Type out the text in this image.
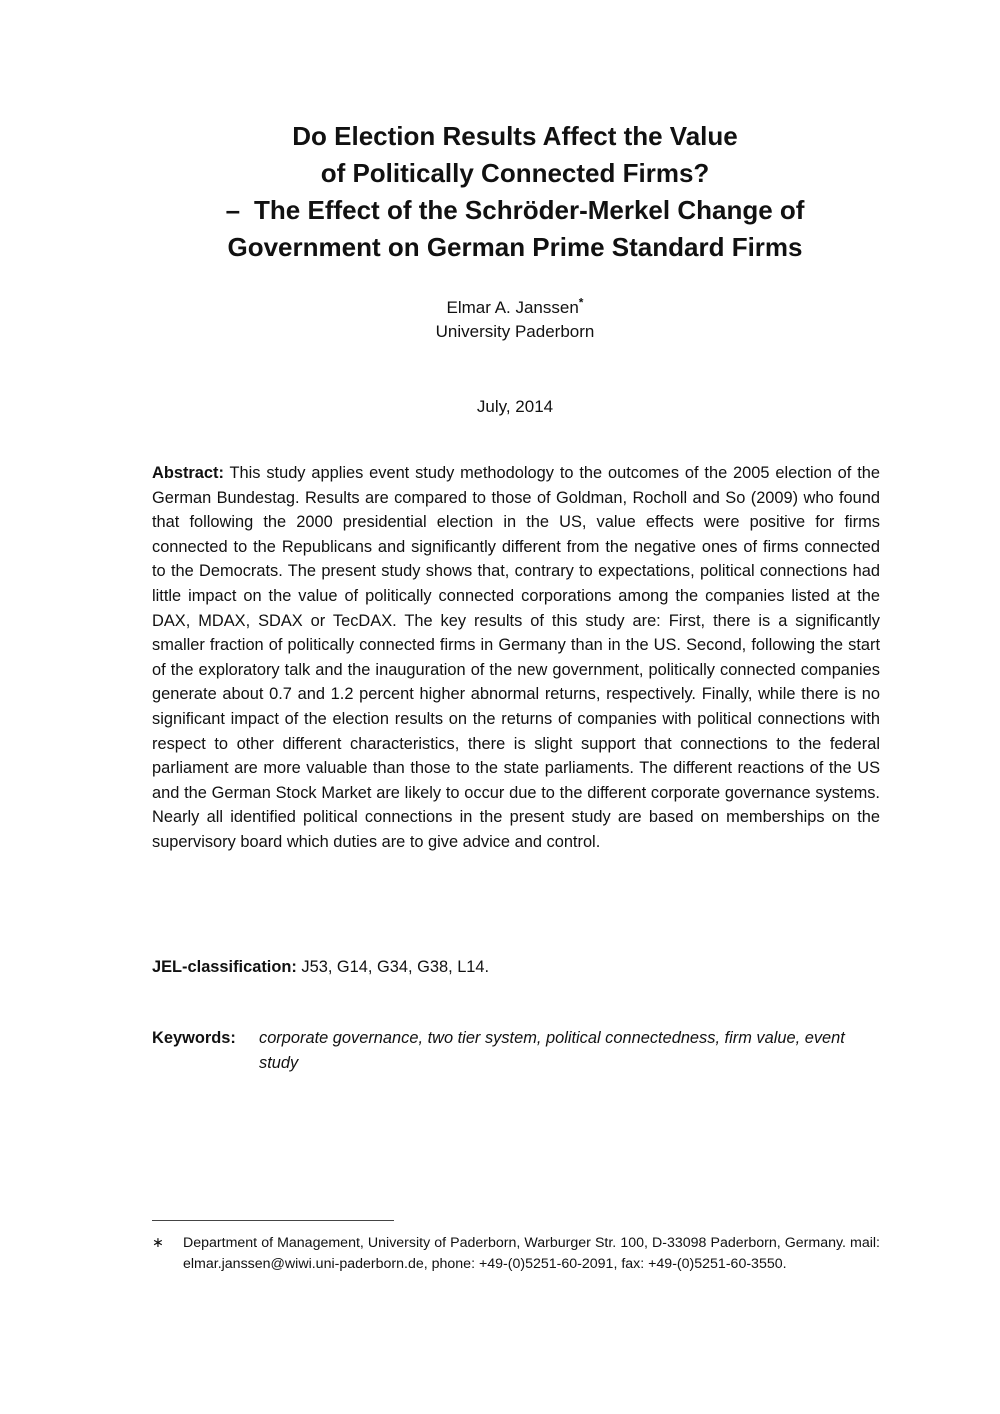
Do Election Results Affect the Value
of Politically Connected Firms?
– The Effect of the Schröder-Merkel Change of
Government on German Prime Standard Firms
Elmar A. Janssen*
University Paderborn
July, 2014

Abstract: This study applies event study methodology to the outcomes of the 2005 election of the German Bundestag. Results are compared to those of Goldman, Rocholl and So (2009) who found that following the 2000 presidential election in the US, value effects were positive for firms connected to the Republicans and significantly different from the negative ones of firms connected to the Democrats. The present study shows that, contrary to expectations, political connections had little impact on the value of politically connected corporations among the companies listed at the DAX, MDAX, SDAX or TecDAX. The key results of this study are: First, there is a significantly smaller fraction of politically connected firms in Germany than in the US. Second, following the start of the exploratory talk and the inauguration of the new government, politically connected companies generate about 0.7 and 1.2 percent higher abnormal returns, respectively. Finally, while there is no significant impact of the election results on the returns of companies with political connections with respect to other different characteristics, there is slight support that connections to the federal parliament are more valuable than those to the state parliaments. The different reactions of the US and the German Stock Market are likely to occur due to the different corporate governance systems. Nearly all identified political connections in the present study are based on memberships on the supervisory board which duties are to give advice and control.

JEL-classification: J53, G14, G34, G38, L14.
Keywords: corporate governance, two tier system, political connectedness, firm value, event study
∗ Department of Management, University of Paderborn, Warburger Str. 100, D-33098 Paderborn, Germany. mail: elmar.janssen@wiwi.uni-paderborn.de, phone: +49-(0)5251-60-2091, fax: +49-(0)5251-60-3550.
